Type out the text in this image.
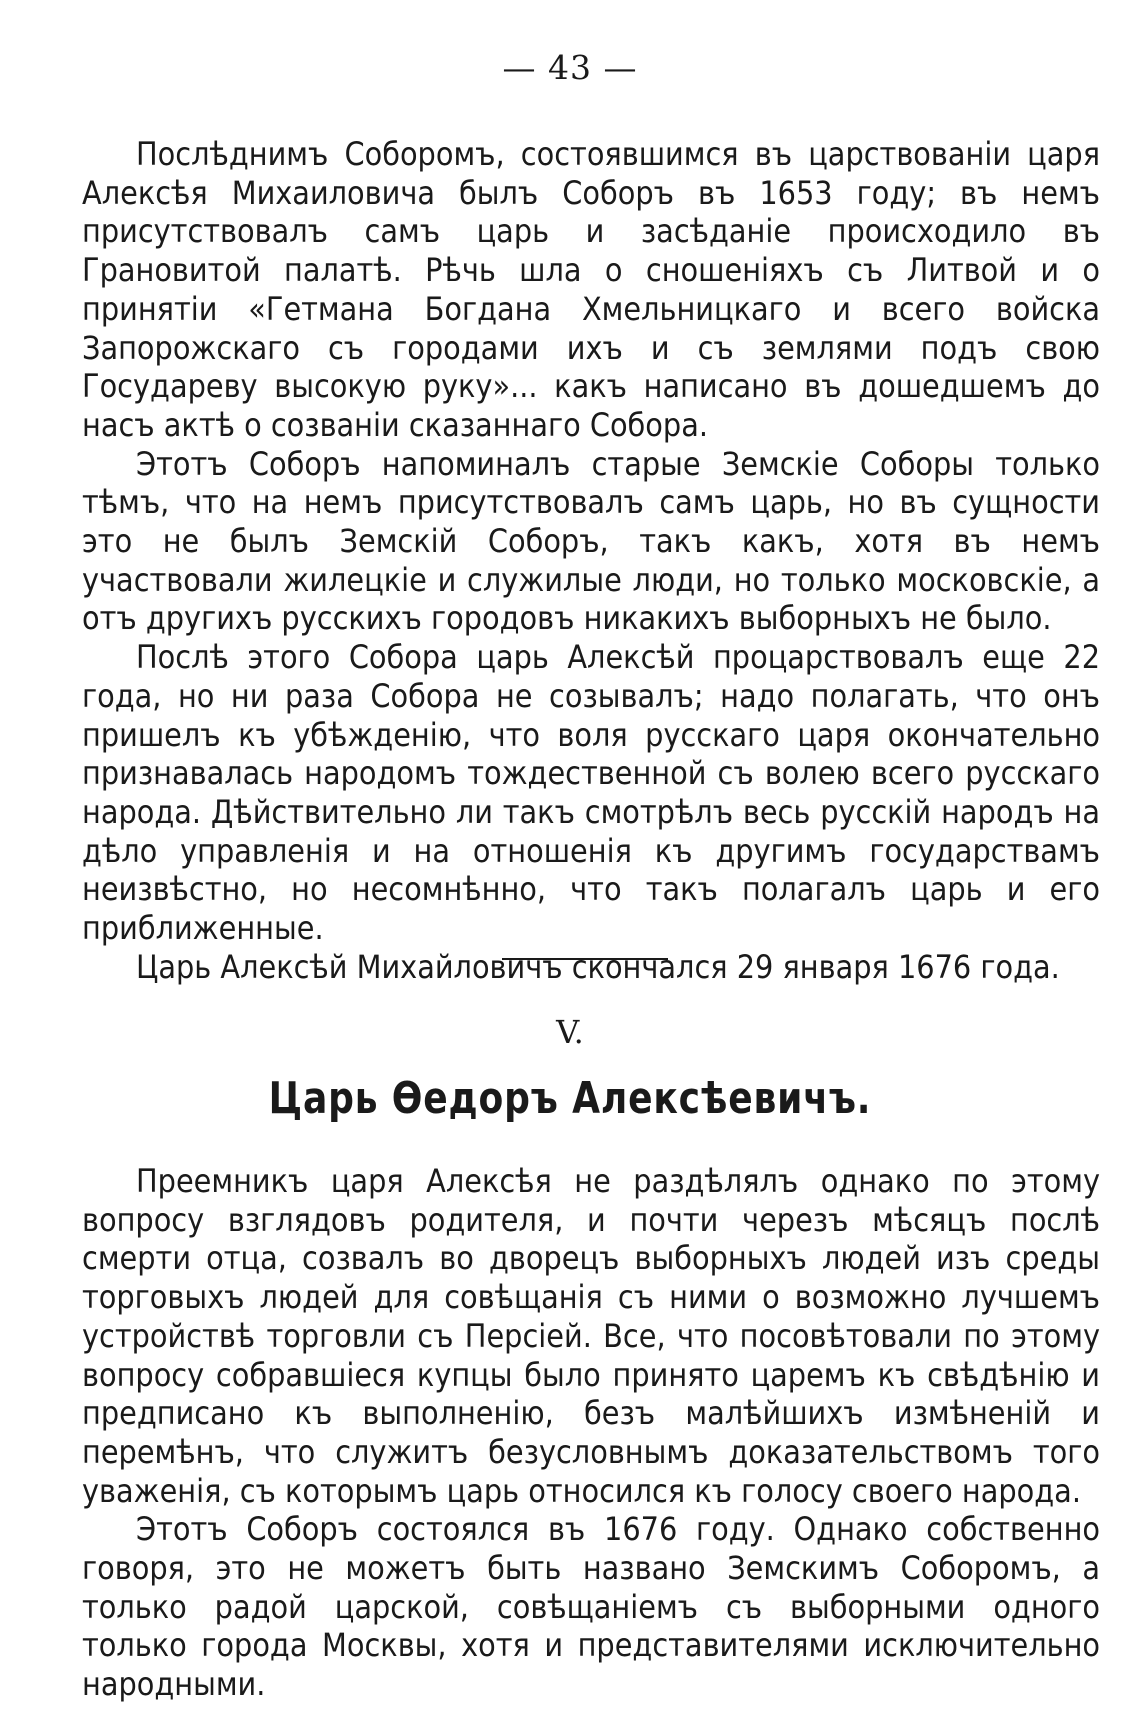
— 43 —

Послѣднимъ Соборомъ, состоявшимся въ царствованіи царя Алексѣя Михаиловича былъ Соборъ въ 1653 году; въ немъ присутствовалъ самъ царь и засѣданіе происходило въ Грановитой палатѣ. Рѣчь шла о сношеніяхъ съ Литвой и о принятіи «Гетмана Богдана Хмельницкаго и всего войска Запорожскаго съ городами ихъ и съ землями подъ свою Государеву высокую руку»... какъ написано въ дошедшемъ до насъ актѣ о созваніи сказаннаго Собора.

Этотъ Соборъ напоминалъ старые Земскіе Соборы только тѣмъ, что на немъ присутствовалъ самъ царь, но въ сущности это не былъ Земскій Соборъ, такъ какъ, хотя въ немъ участвовали жилецкіе и служилые люди, но только московскіе, а отъ другихъ русскихъ городовъ никакихъ выборныхъ не было.

Послѣ этого Собора царь Алексѣй процарствовалъ еще 22 года, но ни раза Собора не созывалъ; надо полагать, что онъ пришелъ къ убѣжденію, что воля русскаго царя окончательно признавалась народомъ тождественной съ волею всего русскаго народа. Дѣйствительно ли такъ смотрѣлъ весь русскій народъ на дѣло управленія и на отношенія къ другимъ государствамъ неизвѣстно, но несомнѣнно, что такъ полагалъ царь и его приближенные.

Царь Алексѣй Михайловичъ скончался 29 января 1676 года.

V.
Царь Өедоръ Алексѣевичъ.

Преемникъ царя Алексѣя не раздѣлялъ однако по этому вопросу взглядовъ родителя, и почти черезъ мѣсяцъ послѣ смерти отца, созвалъ во дворецъ выборныхъ людей изъ среды торговыхъ людей для совѣщанія съ ними о возможно лучшемъ устройствѣ торговли съ Персіей. Все, что посовѣтовали по этому вопросу собравшіеся купцы было принято царемъ къ свѣдѣнію и предписано къ выполненію, безъ малѣйшихъ измѣненій и перемѣнъ, что служитъ безусловнымъ доказательствомъ того уваженія, съ которымъ царь относился къ голосу своего народа.

Этотъ Соборъ состоялся въ 1676 году. Однако собственно говоря, это не можетъ быть названо Земскимъ Соборомъ, а только радой царской, совѣщаніемъ съ выборными одного только города Москвы, хотя и представителями исключительно народными.
